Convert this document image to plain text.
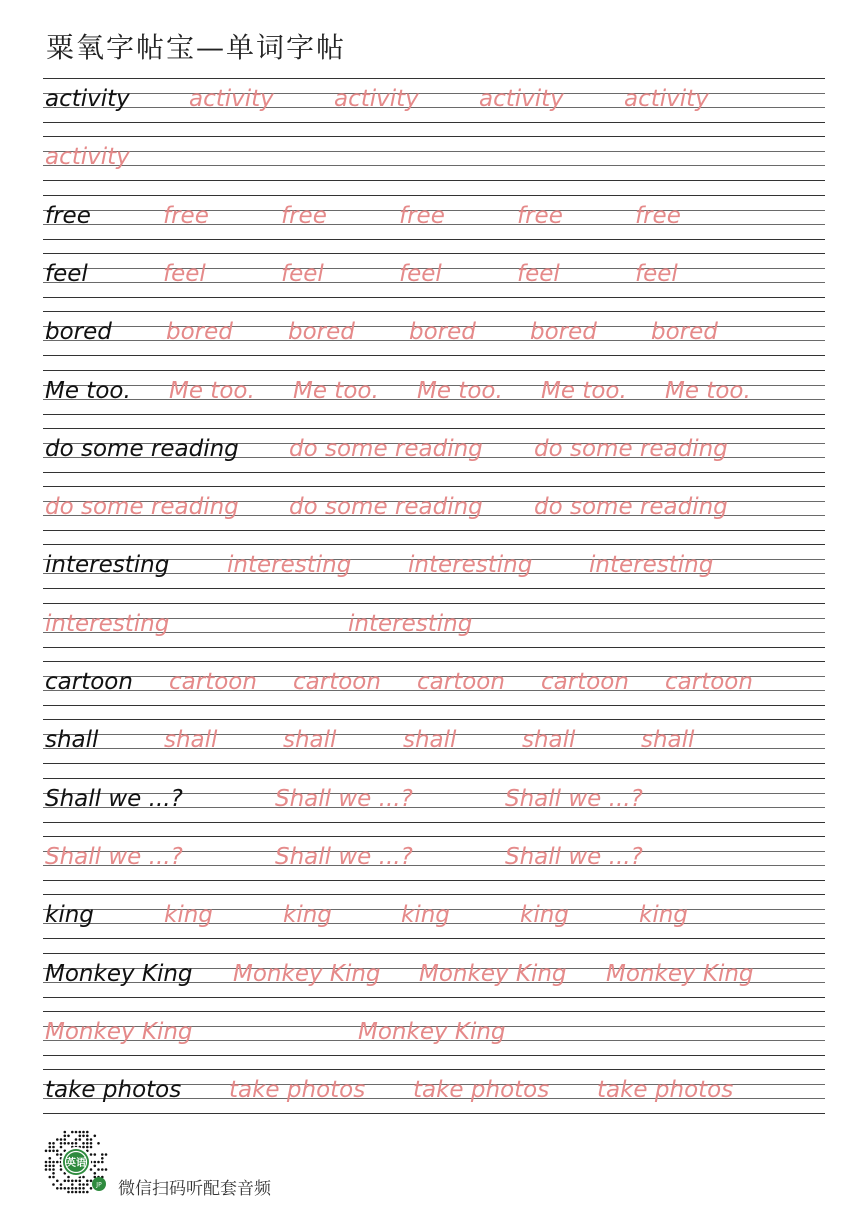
粟氧字帖宝—单词字帖
activity	activity	activity	activity	activity
activity
free	free	free	free	free	free
feel	feel	feel	feel	feel	feel
bored bored bored bored bored bored
Me too. Me too. Me too. Me too. Me too. Me too.
do some reading do some reading do some reading
do some reading do some reading do some reading
interesting	interesting interesting interesting
interesting	interesting
cartoon cartoon cartoon cartoon cartoon cartoon
shall	shall	shall	shall	shall	shall
Shall we ...?	Shall we ...?	Shall we ...?
Shall we ...?	Shall we ...?	Shall we ...?
king	king	king	king	king	king
Monkey King Monkey King Monkey King Monkey King
Monkey King	Monkey King
take photos take photos take photos take photos
英语
JP 微信扫码听配套音频
